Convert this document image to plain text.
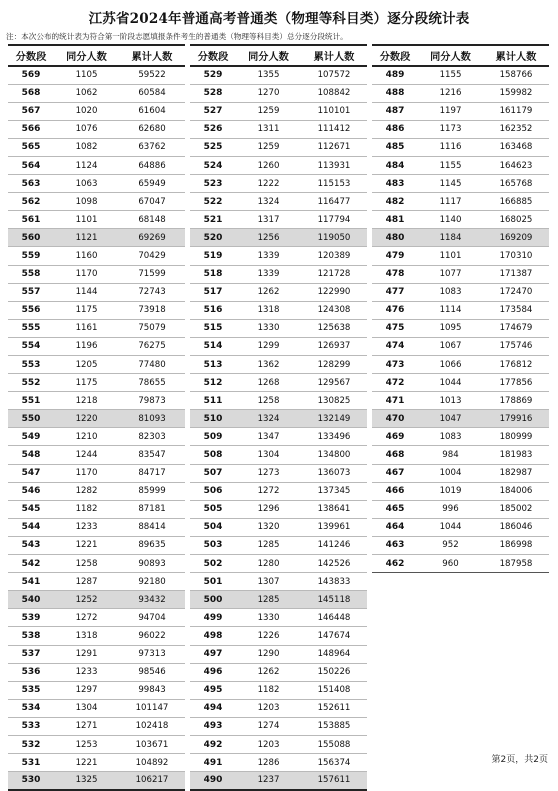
江苏省2024年普通高考普通类（物理等科目类）逐分段统计表
注：本次公布的统计表为符合第一阶段志愿填报条件考生的普通类（物理等科目类）总分逐分段统计。
分数段	同分人数	累计人数
569	1105	59522
568	1062	60584
567	1020	61604
566	1076	62680
565	1082	63762
564	1124	64886
563	1063	65949
562	1098	67047
561	1101	68148
560	1121	69269
559	1160	70429
558	1170	71599
557	1144	72743
556	1175	73918
555	1161	75079
554	1196	76275
553	1205	77480
552	1175	78655
551	1218	79873
550	1220	81093
549	1210	82303
548	1244	83547
547	1170	84717
546	1282	85999
545	1182	87181
544	1233	88414
543	1221	89635
542	1258	90893
541	1287	92180
540	1252	93432
539	1272	94704
538	1318	96022
537	1291	97313
536	1233	98546
535	1297	99843
534	1304	101147
533	1271	102418
532	1253	103671
531	1221	104892
530	1325	106217
分数段	同分人数	累计人数
529	1355	107572
528	1270	108842
527	1259	110101
526	1311	111412
525	1259	112671
524	1260	113931
523	1222	115153
522	1324	116477
521	1317	117794
520	1256	119050
519	1339	120389
518	1339	121728
517	1262	122990
516	1318	124308
515	1330	125638
514	1299	126937
513	1362	128299
512	1268	129567
511	1258	130825
510	1324	132149
509	1347	133496
508	1304	134800
507	1273	136073
506	1272	137345
505	1296	138641
504	1320	139961
503	1285	141246
502	1280	142526
501	1307	143833
500	1285	145118
499	1330	146448
498	1226	147674
497	1290	148964
496	1262	150226
495	1182	151408
494	1203	152611
493	1274	153885
492	1203	155088
491	1286	156374
490	1237	157611
分数段	同分人数	累计人数
489	1155	158766
488	1216	159982
487	1197	161179
486	1173	162352
485	1116	163468
484	1155	164623
483	1145	165768
482	1117	166885
481	1140	168025
480	1184	169209
479	1101	170310
478	1077	171387
477	1083	172470
476	1114	173584
475	1095	174679
474	1067	175746
473	1066	176812
472	1044	177856
471	1013	178869
470	1047	179916
469	1083	180999
468	984	181983
467	1004	182987
466	1019	184006
465	996	185002
464	1044	186046
463	952	186998
462	960	187958
第2页，共2页
